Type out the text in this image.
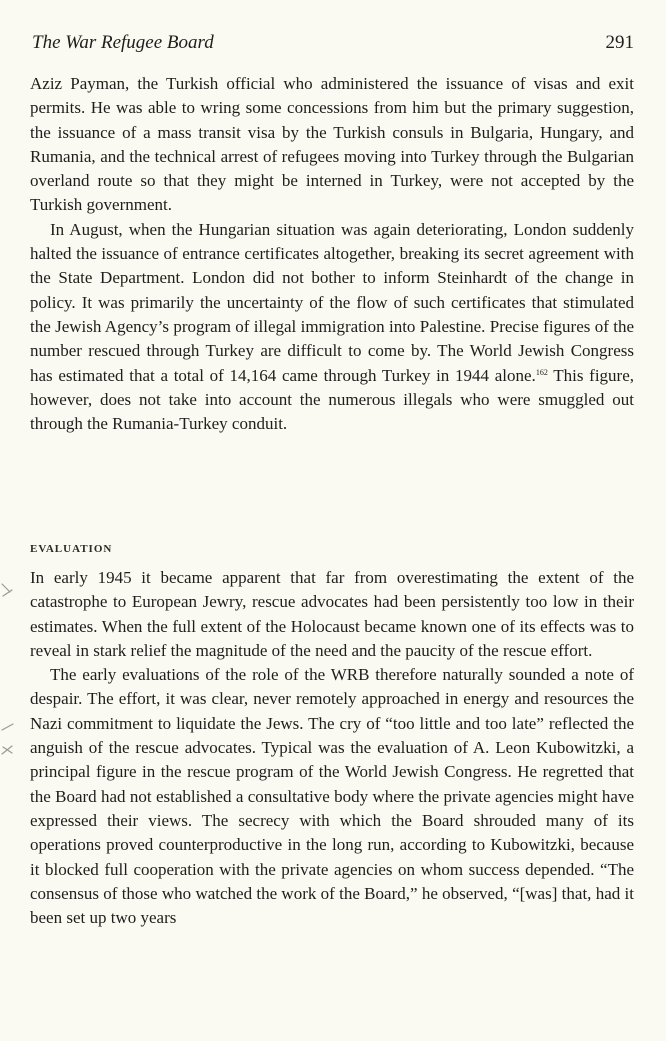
The War Refugee Board	291

Aziz Payman, the Turkish official who administered the issuance of visas and exit permits. He was able to wring some concessions from him but the primary suggestion, the issuance of a mass transit visa by the Turkish consuls in Bulgaria, Hungary, and Rumania, and the technical arrest of refugees moving into Turkey through the Bulgarian overland route so that they might be interned in Turkey, were not accepted by the Turkish government.

In August, when the Hungarian situation was again deteriorating, London suddenly halted the issuance of entrance certificates altogether, breaking its secret agreement with the State Department. London did not bother to inform Steinhardt of the change in policy. It was primarily the uncertainty of the flow of such certificates that stimulated the Jewish Agency’s program of illegal immigration into Palestine. Precise figures of the number rescued through Turkey are difficult to come by. The World Jewish Congress has estimated that a total of 14,164 came through Turkey in 1944 alone.$^{162}$ This figure, however, does not take into account the numerous illegals who were smuggled out through the Rumania-Turkey conduit.

EVALUATION

In early 1945 it became apparent that far from overestimating the extent of the catastrophe to European Jewry, rescue advocates had been persistently too low in their estimates. When the full extent of the Holocaust became known one of its effects was to reveal in stark relief the magnitude of the need and the paucity of the rescue effort.

The early evaluations of the role of the WRB therefore naturally sounded a note of despair. The effort, it was clear, never remotely approached in energy and resources the Nazi commitment to liquidate the Jews. The cry of “too little and too late” reflected the anguish of the rescue advocates. Typical was the evaluation of A. Leon Kubowitzki, a principal figure in the rescue program of the World Jewish Congress. He regretted that the Board had not established a consultative body where the private agencies might have expressed their views. The secrecy with which the Board shrouded many of its operations proved counterproductive in the long run, according to Kubowitzki, because it blocked full cooperation with the private agencies on whom success depended. “The consensus of those who watched the work of the Board,” he observed, “[was] that, had it been set up two years
